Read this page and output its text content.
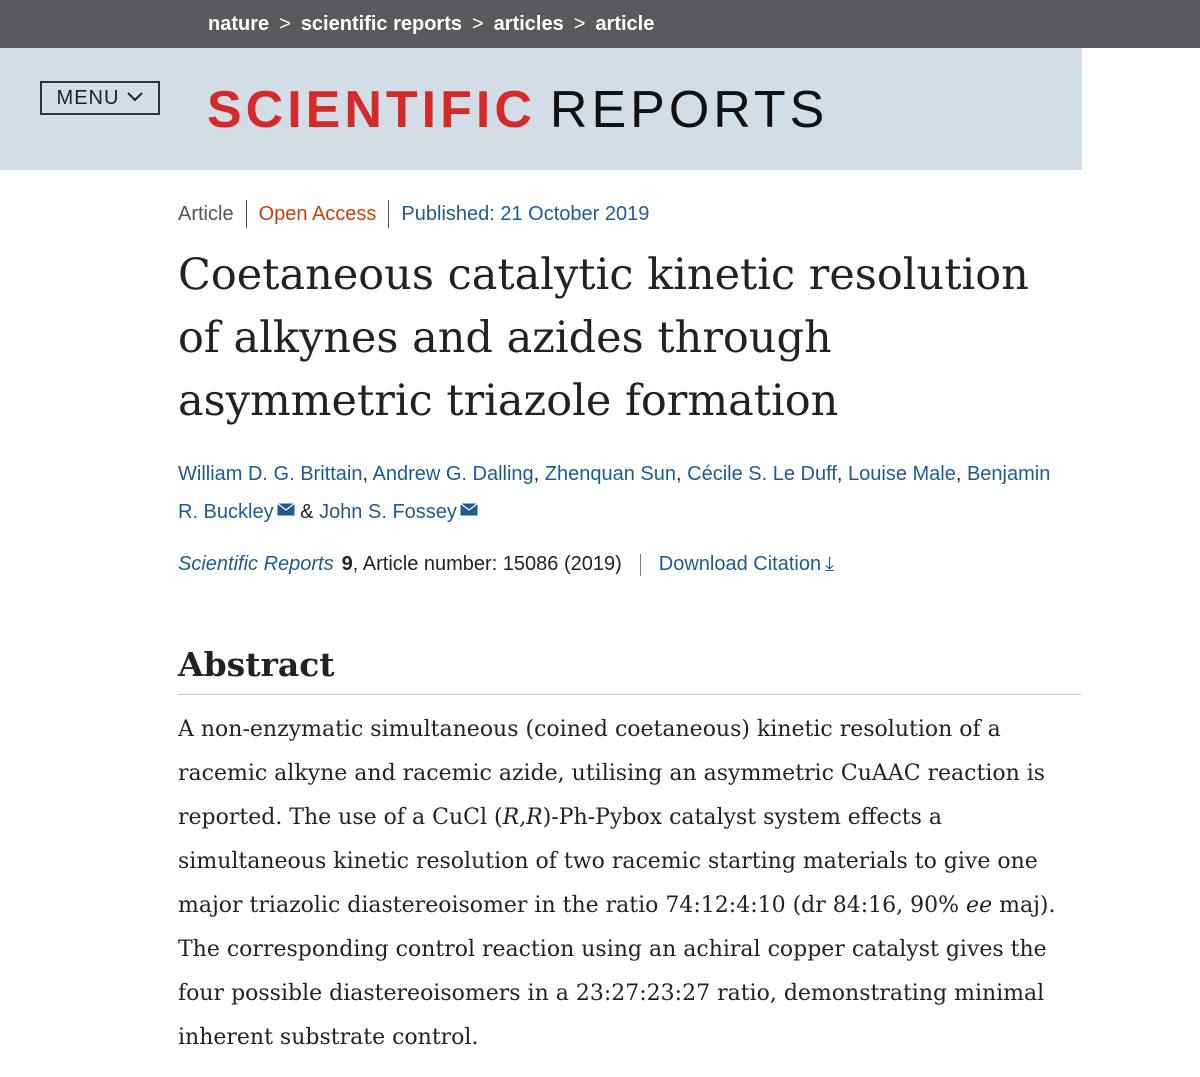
nature > scientific reports > articles > article
MENU SCIENTIFIC REPORTS
Article Open Access Published: 21 October 2019
Coetaneous catalytic kinetic resolution of alkynes and azides through asymmetric triazole formation
William D. G. Brittain, Andrew G. Dalling, Zhenquan Sun, Cécile S. Le Duff, Louise Male, Benjamin R. Buckley & John S. Fossey
Scientific Reports 9 , Article number: 15086 (2019) Download Citation ⤓
Abstract

A non-enzymatic simultaneous (coined coetaneous) kinetic resolution of a racemic alkyne and racemic azide, utilising an asymmetric CuAAC reaction is reported. The use of a CuCl (R,R)-Ph-Pybox catalyst system effects a simultaneous kinetic resolution of two racemic starting materials to give one major triazolic diastereoisomer in the ratio 74:12:4:10 (dr 84:16, 90% ee maj). The corresponding control reaction using an achiral copper catalyst gives the four possible diastereoisomers in a 23:27:23:27 ratio, demonstrating minimal inherent substrate control.
